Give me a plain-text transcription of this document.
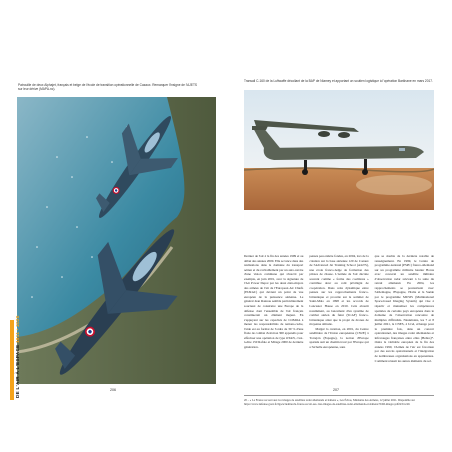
Patrouille de deux Alphajet, français et belge de l'école de transition opérationnelle de Cazaux. Remarquer l'insigne de l'AJETS sur leur dérive (MAPA-nc).

Transall C-160 de la Luftwaffe décollant de la BAP de Niamey et apportant un soutien logistique à l'opération Barkhane en mars 2017.

Dernier de l'air à la fin des années 1999 et au début des années 2000. Elle se lance dans des réalisations dans le domaine du transport aérien et du ravitaillement par un aéro-navire d'une vision commune qui s'inscrit par exemple, en juin 2001, avec la signature de l'Air Power Depot par les deux états-majors des armées de l'air de l'European Air Chiefs (EURAC) qui devient un point de vue européen de la puissance aérienne. Le général Jean Rannou semble particulièrement soucieux de construire une Europe de la défense dont l'ensemble de l'air français constituerait un élément majeur. En s'appuyant sur les capacités de COMOA à mener les responsabilités de nations-cadre, l'aide est au format de l'ordre de 30 % d'une flotte de combat d'environ 300 appareils pour effectuer une opération de type OTAN, c'est-à-dire 150 Rafale et Mirage 2000 de dernière génération.

pensée peu entière fondée, en 2004, lors de la création sur la base aérienne 120 de Cazaux de l'Advanced Jet Training School (AJeTS), une école franco-belge de formation des pilotes de chasse. L'Armée de l'air décrète souvent comme « forme des coalitions » contribue donc au coût privilégié de coopération. Dans cette dynamique entre pensée sur les rapprochements franco-britannique et procède sur le sommet de Saint-Malo en 1998 et les accords de Lancaster House en 2010. Cela aboutit notamment, au lancement d'un système de combat aérien du futur (SCAF) franco-britannique ainsi que le projet de drones de moyenne altitude.

Malgré la création, en 2001, du Centre satellitaire de l'Union européenne (CSUE) à Torrejón (Espagne), la notion d'Europe spatiale suit un chemin tracé par l'Europe qui a l'échelle européenne, sans

que se double de la dernière notable de renseignement. En 1999, le Centre de programme-national (PSPC) franco-allemand sur un programme militaire hautier Horus avec concerté un satellite militaire d'observation radar relevant à la suite du retrait allemand. En 2004, les rapprochements se poursuivent avec l'Allemagne, l'Espagne, l'Italie et la Suède par le programme MUSIS (Multinational Space-based Imaging System) qui vise à répartir et mutualiser les compétences spatiales de certains pays européens dans le domaine de l'observation rencontre de multiples difficultés. Néanmoins, les 7 et 8 juillet 2021, la CNES, à Ucel, échange pour la première fois, dans un concert opérationnel, des images radar allemandes et infrarouges françaises entre elles (Helios)*. Outre le véritable européen de la fin des années 1990, l'Armée de l'air est favorisée par des succès opérationnels et l'intégration de nombreuses organisations en apparentées. Comment réussir les autres éléments du sol.

20 – « La France recourt aux 1re images de satellites radar allemands et italiens », Les Échos, Ministère des Armées, 12 juillet 2021. Disponible sur https://www.defense.gouv.fr/dga/actualites/la-france-recoit-ses-1res-images-de-satellites-radar-allemands-et-italiens/?URLimage=pdf22/Un-90.
DE L'AIR À L'ESPACE 1911 • 2020
206	207
